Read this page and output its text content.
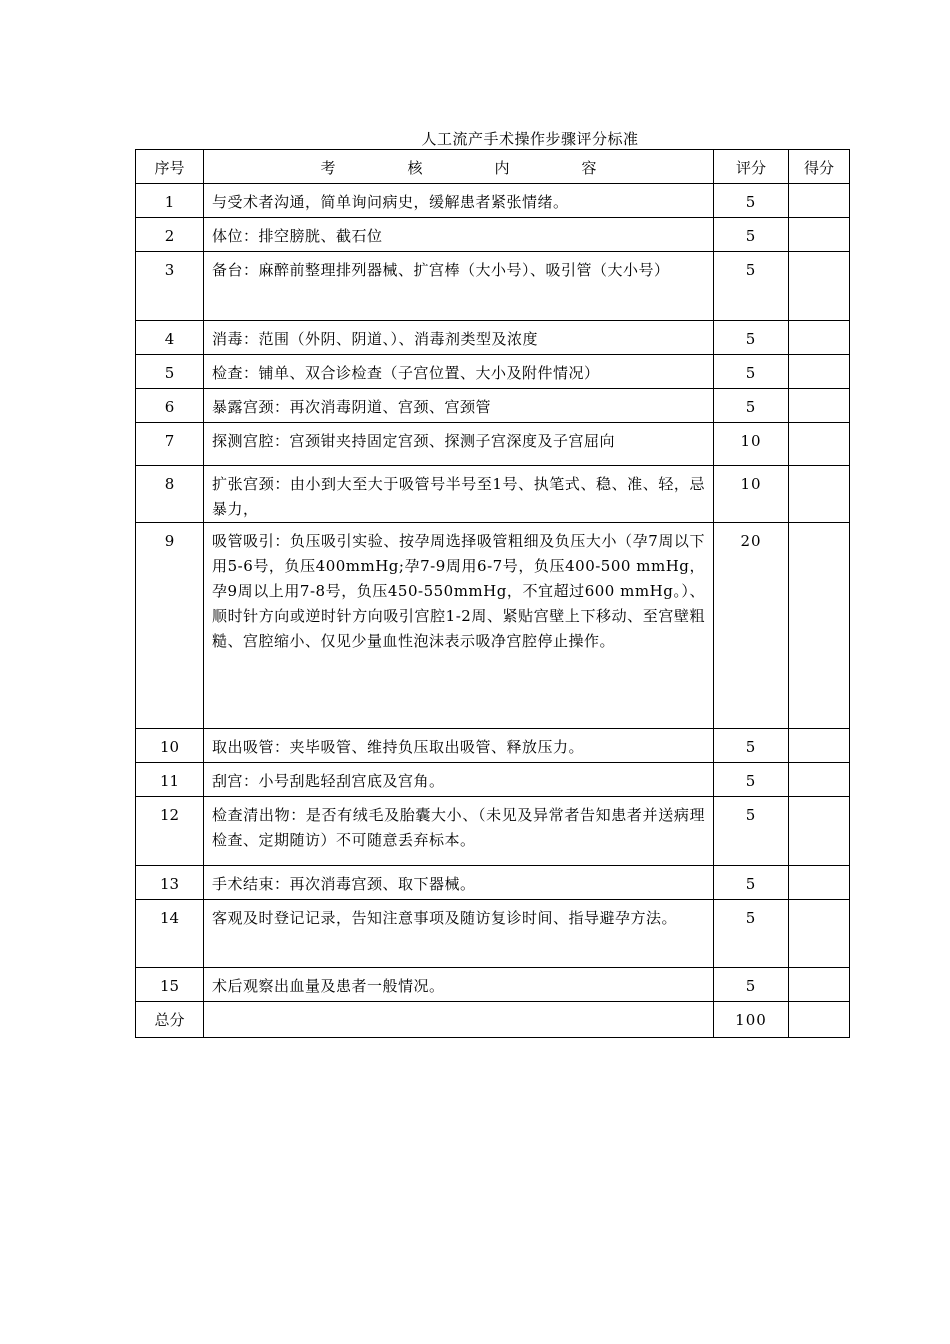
人工流产手术操作步骤评分标准
序号	考核内容	评分	得分
1	与受术者沟通，简单询问病史，缓解患者紧张情绪。	5	
2	体位：排空膀胱、截石位	5	
3	备台：麻醉前整理排列器械、扩宫棒（大小号）、吸引管（大小号）	5	
4	消毒：范围（外阴、阴道、）、消毒剂类型及浓度	5	
5	检查：铺单、双合诊检查（子宫位置、大小及附件情况）	5	
6	暴露宫颈：再次消毒阴道、宫颈、宫颈管	5	
7	探测宫腔：宫颈钳夹持固定宫颈、探测子宫深度及子宫屈向	10	
8	扩张宫颈：由小到大至大于吸管号半号至1号、执笔式、稳、准、轻，忌暴力，	10	
9	吸管吸引：负压吸引实验、按孕周选择吸管粗细及负压大小（孕7周以下用5-6号，负压400mmHg;孕7-9周用6-7号，负压400-500 mmHg，孕9周以上用7-8号，负压450-550mmHg，不宜超过600 mmHg。）、顺时针方向或逆时针方向吸引宫腔1-2周、紧贴宫壁上下移动、至宫壁粗糙、宫腔缩小、仅见少量血性泡沫表示吸净宫腔停止操作。	20	
10	取出吸管：夹毕吸管、维持负压取出吸管、释放压力。	5	
11	刮宫：小号刮匙轻刮宫底及宫角。	5	
12	检查清出物：是否有绒毛及胎囊大小、（未见及异常者告知患者并送病理检查、定期随访）不可随意丢弃标本。	5	
13	手术结束：再次消毒宫颈、取下器械。	5	
14	客观及时登记记录，告知注意事项及随访复诊时间、指导避孕方法。	5	
15	术后观察出血量及患者一般情况。	5	
总分		100	
